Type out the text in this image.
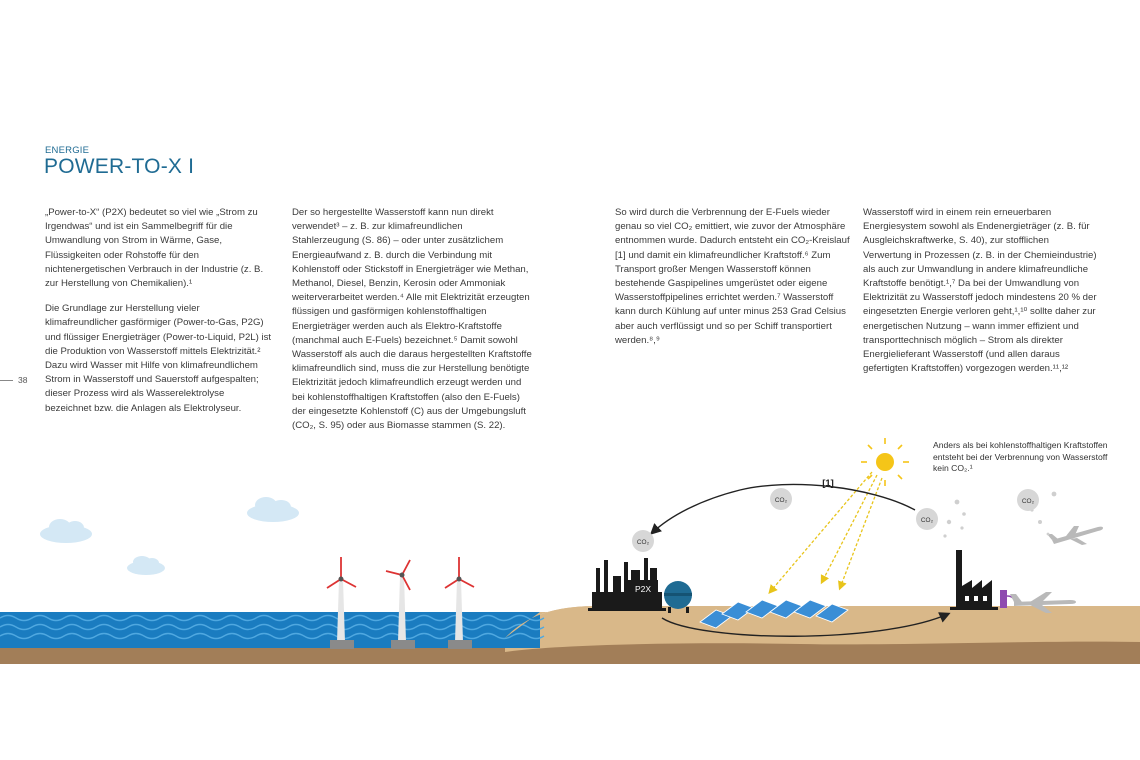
ENERGIE
POWER-TO-X I
38

„Power-to-X“ (P2X) bedeutet so viel wie „Strom zu Irgendwas“ und ist ein Sammelbegriff für die Umwandlung von Strom in Wärme, Gase, Flüssigkeiten oder Rohstoffe für den nichtenergetischen Verbrauch in der Industrie (z. B. zur Herstellung von Chemikalien).¹

Die Grundlage zur Herstellung vieler klimafreundlicher gasförmiger (Power-to-Gas, P2G) und flüssiger Energieträger (Power-to-Liquid, P2L) ist die Produktion von Wasserstoff mittels Elektrizität.² Dazu wird Wasser mit Hilfe von klimafreundlichem Strom in Wasserstoff und Sauerstoff aufgespalten; dieser Prozess wird als Wasserelektrolyse bezeichnet bzw. die Anlagen als Elektrolyseur.

Der so hergestellte Wasserstoff kann nun direkt verwendet³ – z. B. zur klimafreundlichen Stahlerzeugung (S. 86) – oder unter zusätzlichem Energieaufwand z. B. durch die Verbindung mit Kohlenstoff oder Stickstoff in Energieträger wie Methan, Methanol, Diesel, Benzin, Kerosin oder Ammoniak weiterverarbeitet werden.⁴ Alle mit Elektrizität erzeugten flüssigen und gasförmigen kohlenstoffhaltigen Energieträger werden auch als Elektro-Kraftstoffe (manchmal auch E-Fuels) bezeichnet.⁵ Damit sowohl Wasserstoff als auch die daraus hergestellten Kraftstoffe klimafreundlich sind, muss die zur Herstellung benötigte Elektrizität jedoch klimafreundlich erzeugt werden und bei kohlenstoffhaltigen Kraftstoffen (also den E-Fuels) der eingesetzte Kohlenstoff (C) aus der Umgebungsluft (CO₂, S. 95) oder aus Biomasse stammen (S. 22).

So wird durch die Verbrennung der E-Fuels wieder genau so viel CO₂ emittiert, wie zuvor der Atmosphäre entnommen wurde. Dadurch entsteht ein CO₂-Kreislauf [1] und damit ein klimafreundlicher Kraftstoff.⁶ Zum Transport großer Mengen Wasserstoff können bestehende Gaspipelines umgerüstet oder eigene Wasserstoffpipelines errichtet werden.⁷ Wasserstoff kann durch Kühlung auf unter minus 253 Grad Celsius aber auch verflüssigt und so per Schiff transportiert werden.⁸,⁹

Wasserstoff wird in einem rein erneuerbaren Energiesystem sowohl als Endenergieträger (z. B. für Ausgleichskraftwerke, S. 40), zur stofflichen Verwertung in Prozessen (z. B. in der Chemieindustrie) als auch zur Umwandlung in andere klimafreundliche Kraftstoffe benötigt.¹,⁷ Da bei der Umwandlung von Elektrizität zu Wasserstoff jedoch mindestens 20 % der eingesetzten Energie verloren geht,¹,¹⁰ sollte daher zur energetischen Nutzung – wann immer effizient und transporttechnisch möglich – Strom als direkter Energielieferant Wasserstoff (und allen daraus gefertigten Kraftstoffen) vorgezogen werden.¹¹,¹²

Anders als bei kohlenstoffhaltigen Kraftstoffen entsteht bei der Verbrennung von Wasserstoff kein CO₂.¹
P2X
[1]
CO₂
CO₂
CO₂
CO₂
